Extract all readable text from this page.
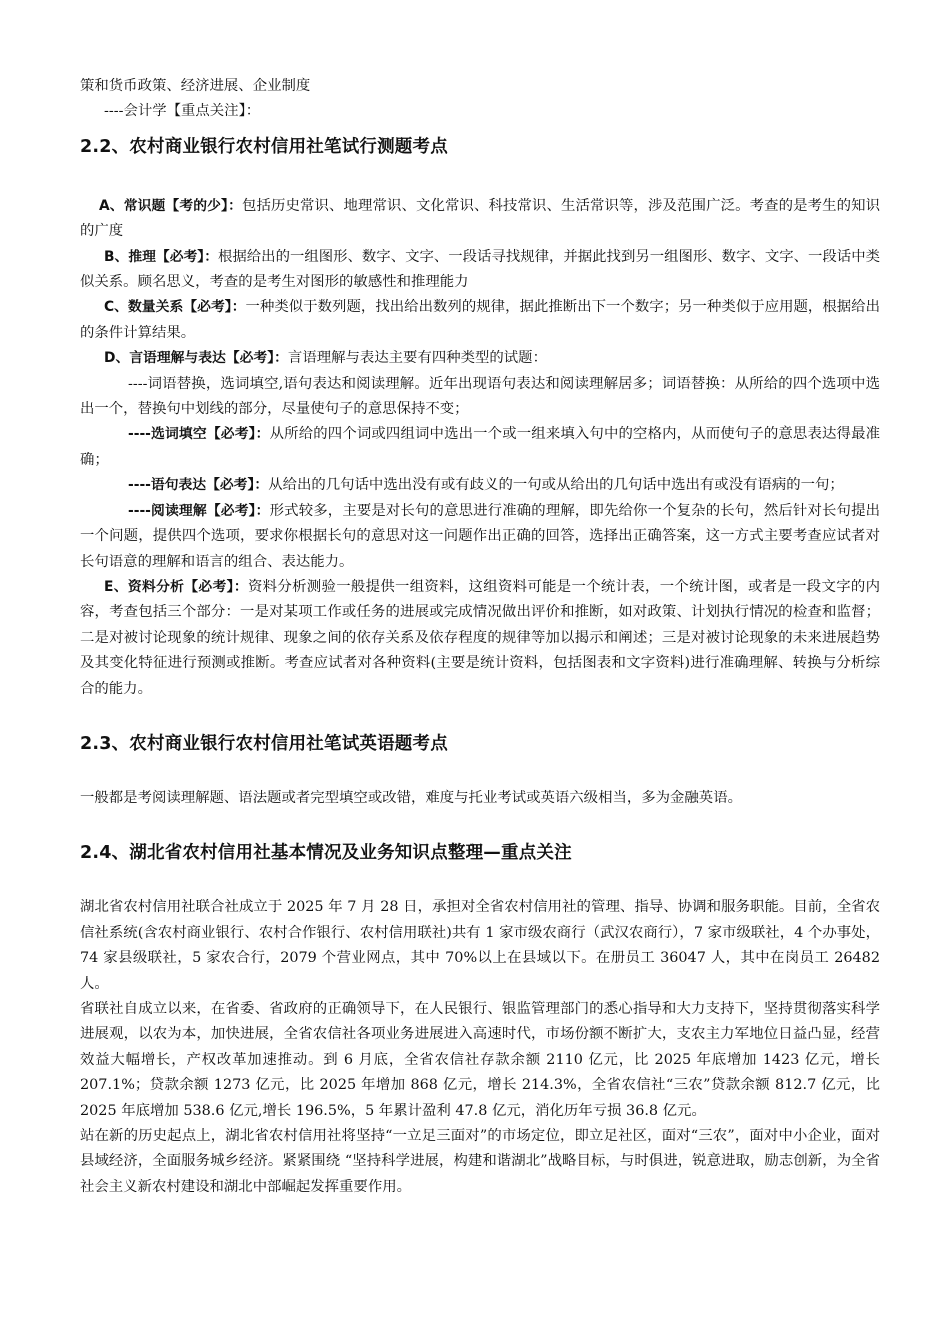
策和货币政策、经济进展、企业制度

----会计学【重点关注】：

2.2、农村商业银行农村信用社笔试行测题考点

A、常识题【考的少】：包括历史常识、地理常识、文化常识、科技常识、生活常识等，涉及范围广泛。考查的是考生的知识的广度

B、推理【必考】：根据给出的一组图形、数字、文字、一段话寻找规律，并据此找到另一组图形、数字、文字、一段话中类似关系。顾名思义，考查的是考生对图形的敏感性和推理能力

C、数量关系【必考】：一种类似于数列题，找出给出数列的规律，据此推断出下一个数字；另一种类似于应用题，根据给出的条件计算结果。

D、言语理解与表达【必考】：言语理解与表达主要有四种类型的试题：

----词语替换，选词填空,语句表达和阅读理解。近年出现语句表达和阅读理解居多；词语替换：从所给的四个选项中选出一个，替换句中划线的部分，尽量使句子的意思保持不变；

----选词填空【必考】：从所给的四个词或四组词中选出一个或一组来填入句中的空格内，从而使句子的意思表达得最准确；

----语句表达【必考】：从给出的几句话中选出没有或有歧义的一句或从给出的几句话中选出有或没有语病的一句；

----阅读理解【必考】：形式较多，主要是对长句的意思进行准确的理解，即先给你一个复杂的长句，然后针对长句提出一个问题，提供四个选项，要求你根据长句的意思对这一问题作出正确的回答，选择出正确答案，这一方式主要考查应试者对长句语意的理解和语言的组合、表达能力。

E、资料分析【必考】：资料分析测验一般提供一组资料，这组资料可能是一个统计表，一个统计图，或者是一段文字的内容，考查包括三个部分：一是对某项工作或任务的进展或完成情况做出评价和推断，如对政策、计划执行情况的检查和监督；二是对被讨论现象的统计规律、现象之间的依存关系及依存程度的规律等加以揭示和阐述；三是对被讨论现象的未来进展趋势及其变化特征进行预测或推断。考查应试者对各种资料(主要是统计资料，包括图表和文字资料)进行准确理解、转换与分析综合的能力。

2.3、农村商业银行农村信用社笔试英语题考点

一般都是考阅读理解题、语法题或者完型填空或改错，难度与托业考试或英语六级相当，多为金融英语。

2.4、湖北省农村信用社基本情况及业务知识点整理—重点关注

湖北省农村信用社联合社成立于 2025 年 7 月 28 日，承担对全省农村信用社的管理、指导、协调和服务职能。目前，全省农信社系统(含农村商业银行、农村合作银行、农村信用联社)共有 1 家市级农商行（武汉农商行），7 家市级联社，4 个办事处，74 家县级联社，5 家农合行，2079 个营业网点，其中 70%以上在县域以下。在册员工 36047 人，其中在岗员工 26482 人。

省联社自成立以来，在省委、省政府的正确领导下，在人民银行、银监管理部门的悉心指导和大力支持下，坚持贯彻落实科学进展观，以农为本，加快进展，全省农信社各项业务进展进入高速时代，市场份额不断扩大，支农主力军地位日益凸显，经营效益大幅增长，产权改革加速推动。到 6 月底，全省农信社存款余额 2110 亿元，比 2025 年底增加 1423 亿元，增长 207.1%；贷款余额 1273 亿元，比 2025 年增加 868 亿元，增长 214.3%，全省农信社“三农”贷款余额 812.7 亿元，比 2025 年底增加 538.6 亿元,增长 196.5%，5 年累计盈利 47.8 亿元，消化历年亏损 36.8 亿元。

站在新的历史起点上，湖北省农村信用社将坚持“一立足三面对”的市场定位，即立足社区，面对“三农”，面对中小企业，面对县域经济，全面服务城乡经济。紧紧围绕 “坚持科学进展，构建和谐湖北”战略目标，与时俱进，锐意进取，励志创新，为全省社会主义新农村建设和湖北中部崛起发挥重要作用。
